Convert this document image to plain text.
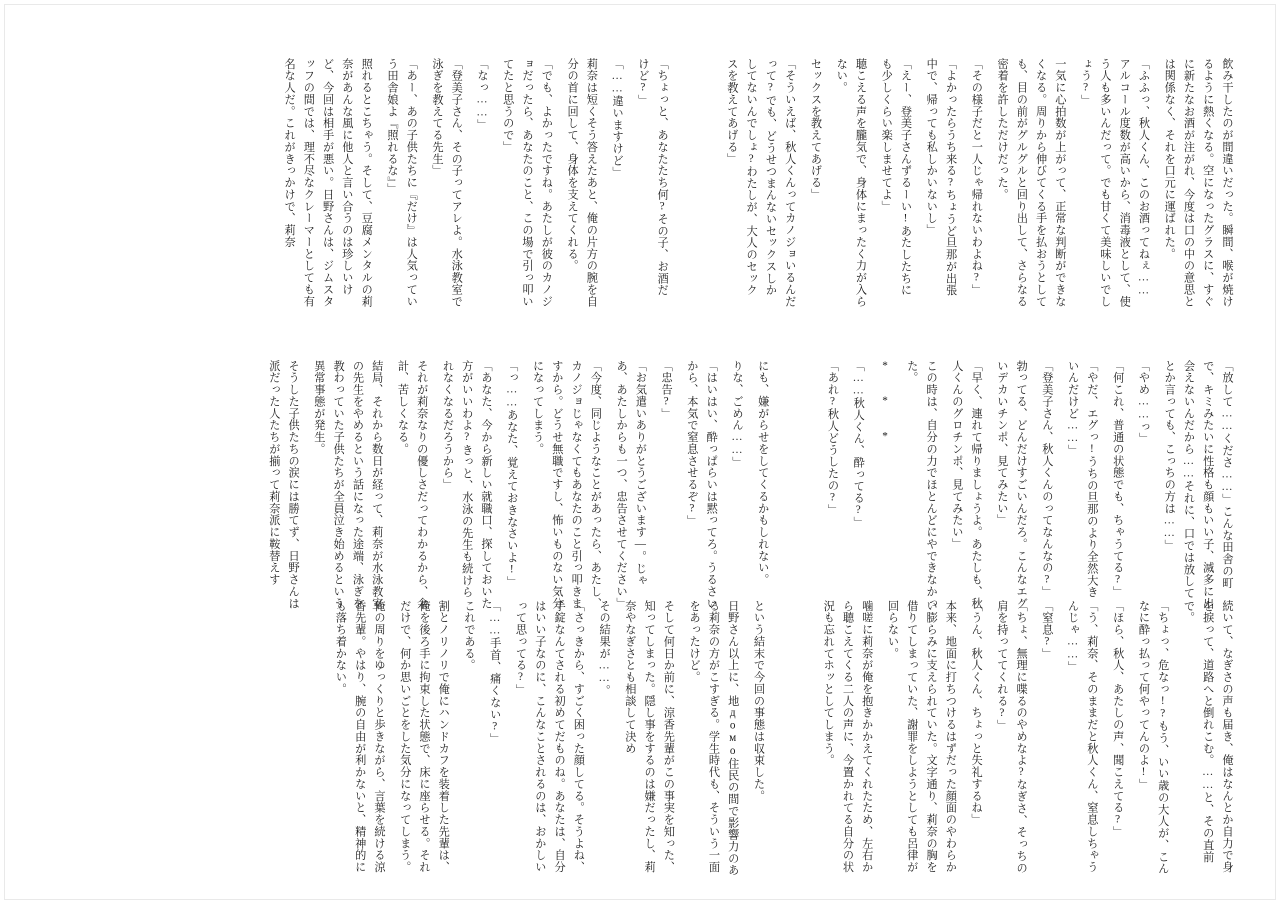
飲み干したのが間違いだった。瞬間、喉が焼けるように熱くなる。空になったグラスに、すぐに新たなお酒が注がれ、今度は口の中の意思とは関係なく、それを口元に運ばれた。
「ふふっ、秋人くん、このお酒ってねぇ……アルコール度数が高いから、消毒液として、使う人も多いんだって。でも甘くて美味しいでしょう?」
一気に心拍数が上がって、正常な判断ができなくなる。周りから伸びてくる手を払おうとしても、目の前がグルグルと回り出して、さらなる密着を許しただけだった。
「その様子だと一人じゃ帰れないわよね?」
「よかったらうち来る?ちょうど旦那が出張中で、帰っても私しかいないし」
「えー、登美子さんずるーい!あたしたちにも少しくらい楽しませてよ」
聴こえる声を朧気で、身体にまったく力が入らない。
セックスを教えてあげる」
「そういえば、秋人くんってカノジョいるんだって?でも、どうせつまんないセックスしかしてないんでしょ?わたしが、大人のセックスを教えてあげる」
「ちょっと、あなたたち何?その子、お酒だけど?」
「……違いますけど」
莉奈は短くそう答えたあと、俺の片方の腕を自分の首に回して、身体を支えてくれる。
「でも、よかったですね。あたしが彼のカノジョだったら、あなたのこと、この場で引っ叩いてたと思うので」
「なっ……」
「登美子さん、その子ってアレよ。水泳教室で泳ぎを教えてる先生」
「あー、あの子供たちに『だけ』は人気っていう田舎娘よ『照れるな』」
照れるとこちゃう。そして、豆腐メンタルの莉奈があんな風に他人と言い合うのは珍しいけど、今回は相手が悪い。日野さんは、ジムスタッフの間では、理不尽なクレーマーとしても有名な人だ。これがきっかけで、莉奈
「放して……くださ……」こんな田舎の町で、キミみたいに性格も顔もいい子、滅多に出会えないんだから……それに、口では放してとか言っても、こっちの方は……」
「やめ……っ」
「何これ、普通の状態でも、ちゃうてる?」
「やだ、エグっ!うちの旦那のより全然大きいんだけど……」
「登美子さん、秋人くんのってなんなの?」
勃ってる、どんだけすごいんだろ。こんなエグいデカいチンポ、見てみたい」
「早く、連れて帰りましょうよ。あたしも、秋人くんのグロチンポ、見てみたい」
この時は、自分の力でほとんどにやできなかった。
* * *
「……秋人くん、酔ってる?」
「あれ?秋人どうしたの?」
にも、嫌がらせをしてくるかもしれない。
りな、ごめん……」
「はいはい、酔っぱらいは黙ってろ。うるさいから、本気で窒息させるぞ?」
「忠告?」
「お気遣いありがとうございます―。じゃあ、あたしからも一つ、忠告させてください」
「今度、同じようなことがあったら、あたし、カノジョじゃなくてもあなたのこと引っ叩きますから。どうせ無職ですし、怖いものない気分になってしまう。
「っ……あなた、覚えておきなさいよ!」
「あなた、今から新しい就職口、探しておいた方がいいわよ?きっと、水泳の先生も続けられなくなるだろうから」
それが莉奈なりの優しさだってわかるから、余計、苦しくなる。
結局、それから数日が経って、莉奈が水泳教室の先生をやめるという話になった途端、泳ぎを教わっていた子供たちが全員泣き始めるという異常事態が発生。
そうした子供たちの涙には勝てず、日野さんは派だった人たちが揃って莉奈派に鞍替えす
続いて、なぎさの声も届き、俺はなんとか自力で身を捩って、道路へと倒れこむ。……と、その直前で。
「ちょっ、危なっ!?もう、いい歳の大人が、こんなに酔っ払って何やってんのよ!」
「ほら、秋人、あたしの声、聞こえてる?」
「う、莉奈、そのままだと秋人くん、窒息しちゃうんじゃ……」
「窒息?」
「ちょ、無理に喋るのやめなよ?なぎさ、そっちの肩を持っててくれる?」
「うん、秋人くん、ちょっと失礼するね」
本来、地面に打ちつけるはずだった顔面のやわらかい膨らみに支えられていた。文字通り、莉奈の胸を借りてしまっていた、謝罪をしようとしても呂律が回らない。
噛嗟に莉奈が俺を抱きかかえてくれたため、左右から聴こえてくる二人の声に、今置かれてる自分の状況も忘れてホッとしてしまう。
という結末で今回の事態は収束した。
日野さん以上に、地домо住民の間で影響力のある莉奈の方がこすぎる。学生時代も、そういう一面をあったけど。
そして何日か前に、涼香先輩がこの事実を知った、知ってしまった。隠し事をするのは嫌だったし、莉奈やなぎさとも相談して決め
その結果が……。
「さっきから、すごく困った顔してる。そうよね、手錠なんてされる初めてだものね。あなたは、自分はいい子なのに、こんなことされるのは、おかしいって思ってる?」
「……手首、痛くない?」
これである。
割とノリノリで俺にハンドカフを装着した先輩は、俺を後ろ手に拘束した状態で、床に座らせる。それだけで、何か思いごとをした気分になってしまう。
俺の周りをゆっくりと歩きながら、言葉を続ける涼香先輩。やはり、腕の自由が利かないと、精神的にも落ち着かない。
